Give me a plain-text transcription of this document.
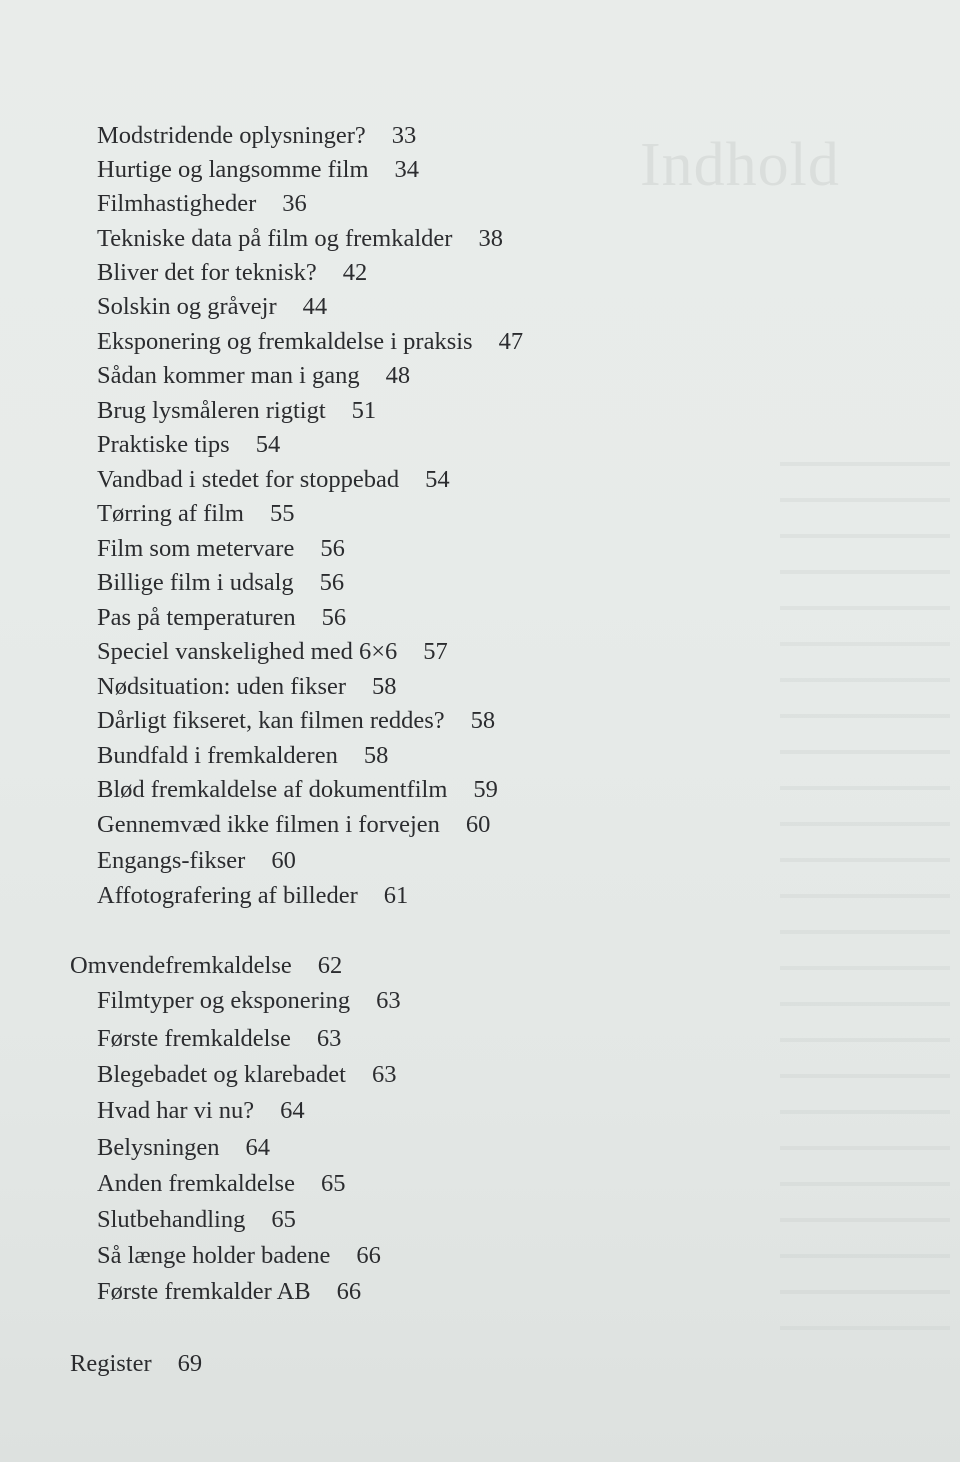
Indhold
Modstridende oplysninger? 33
Hurtige og langsomme film 34
Filmhastigheder 36
Tekniske data på film og fremkalder 38
Bliver det for teknisk? 42
Solskin og gråvejr 44
Eksponering og fremkaldelse i praksis 47
Sådan kommer man i gang 48
Brug lysmåleren rigtigt 51
Praktiske tips 54
Vandbad i stedet for stoppebad 54
Tørring af film 55
Film som metervare 56
Billige film i udsalg 56
Pas på temperaturen 56
Speciel vanskelighed med 6×6 57
Nødsituation: uden fikser 58
Dårligt fikseret, kan filmen reddes? 58
Bundfald i fremkalderen 58
Blød fremkaldelse af dokumentfilm 59
Gennemvæd ikke filmen i forvejen 60
Engangs-fikser 60
Affotografering af billeder 61
Omvendefremkaldelse 62
Filmtyper og eksponering 63
Første fremkaldelse 63
Blegebadet og klarebadet 63
Hvad har vi nu? 64
Belysningen 64
Anden fremkaldelse 65
Slutbehandling 65
Så længe holder badene 66
Første fremkalder AB 66
Register 69
